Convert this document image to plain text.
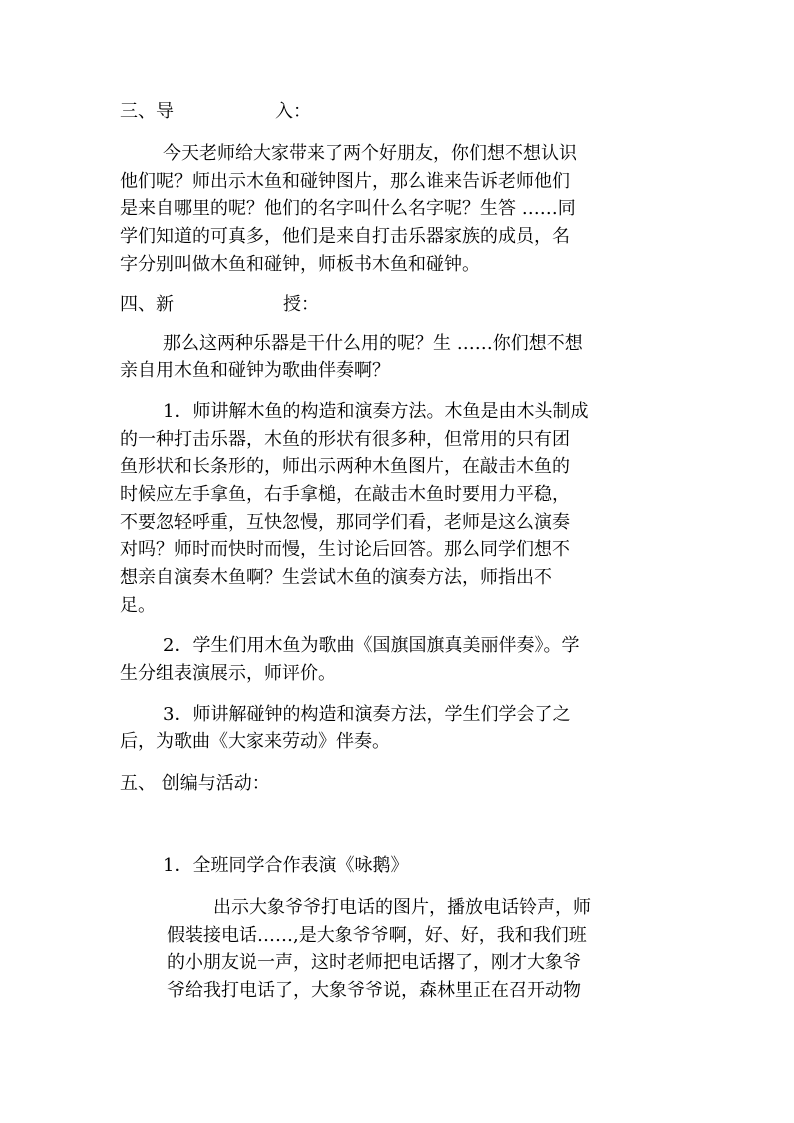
三、导	入：
今天老师给大家带来了两个好朋友，你们想不想认识
他们呢？师出示木鱼和碰钟图片，那么谁来告诉老师他们
是来自哪里的呢？他们的名字叫什么名字呢？生答 ……同
学们知道的可真多，他们是来自打击乐器家族的成员，名
字分别叫做木鱼和碰钟，师板书木鱼和碰钟。
四、新	授：
那么这两种乐器是干什么用的呢？生 ……你们想不想
亲自用木鱼和碰钟为歌曲伴奏啊？
1．师讲解木鱼的构造和演奏方法。木鱼是由木头制成
的一种打击乐器，木鱼的形状有很多种，但常用的只有团
鱼形状和长条形的，师出示两种木鱼图片，在敲击木鱼的
时候应左手拿鱼，右手拿槌，在敲击木鱼时要用力平稳，
不要忽轻呼重，互快忽慢，那同学们看，老师是这么演奏
对吗？师时而快时而慢，生讨论后回答。那么同学们想不
想亲自演奏木鱼啊？生尝试木鱼的演奏方法，师指出不
足。
2．学生们用木鱼为歌曲《国旗国旗真美丽伴奏》。学
生分组表演展示，师评价。
3．师讲解碰钟的构造和演奏方法，学生们学会了之
后，为歌曲《大家来劳动》伴奏。
五、 创编与活动：
1．全班同学合作表演《咏鹅》
出示大象爷爷打电话的图片，播放电话铃声，师
假装接电话……,是大象爷爷啊，好、好，我和我们班
的小朋友说一声，这时老师把电话撂了，刚才大象爷
爷给我打电话了，大象爷爷说，森林里正在召开动物
